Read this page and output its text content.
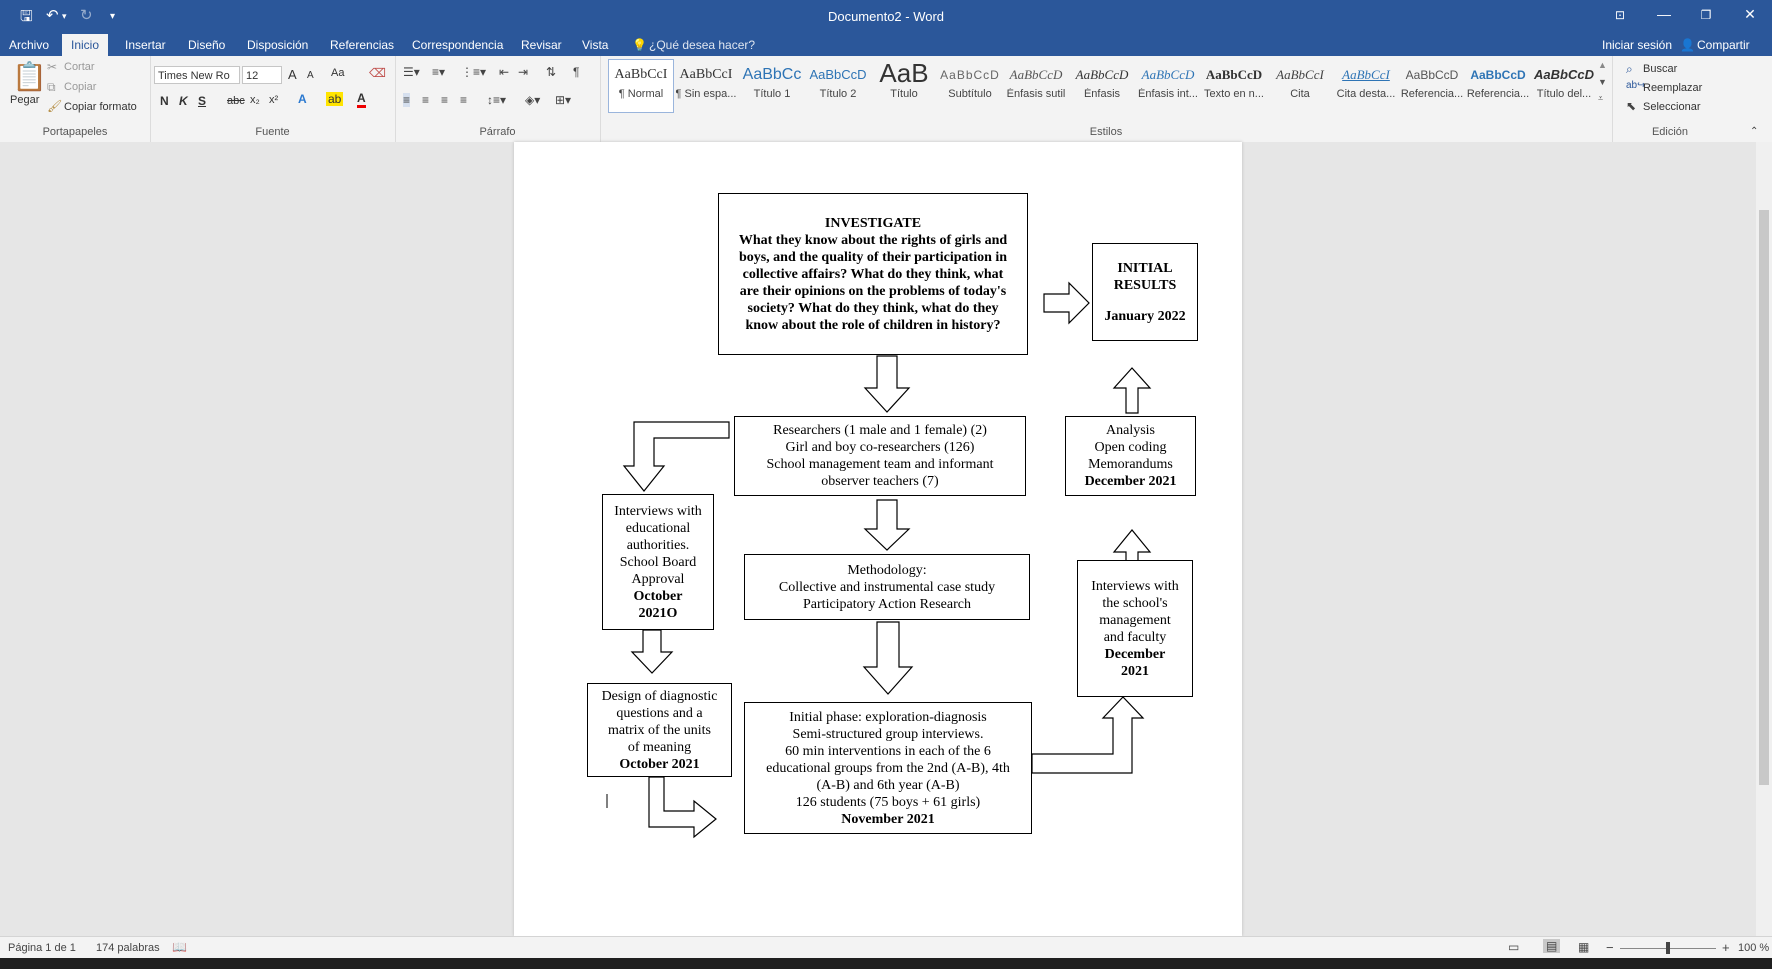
🖫 ↶ ▾ ↻ ▾	Documento2 - Word	⊡	—	❐	✕
Archivo	Inicio	Insertar Diseño Disposición Referencias Correspondencia Revisar Vista 💡 ¿Qué desea hacer?	Iniciar sesión 👤 Compartir
📋
Pegar
✂ Cortar
⧉ Copiar
🖌 Copiar formato
Portapapeles
Times New Ro	12	A A Aa ⌫
N K S abc x₂ x² A ab A
Fuente
☰▾ ≡▾ ⋮≡▾ ⇤ ⇥ ⇅ ¶
≡ ≡ ≡ ≡ ↕≡▾ ◈▾ ⊞▾
Párrafo
AaBbCcI
¶ Normal
AaBbCcI
¶ Sin espa...
AaBbCc
Título 1
AaBbCcD
Título 2
AaB
Título
AaBbCcD
Subtítulo
AaBbCcD
Énfasis sutil
AaBbCcD
Énfasis
AaBbCcD
Énfasis int...
AaBbCcD
Texto en n...
AaBbCcI
Cita
AaBbCcI
Cita desta...
AaBbCcD
Referencia...
AaBbCcD
Referencia...
AaBbCcD
Título del...
▲
▼
⩡
Estilos
⌕ Buscar
ab↪
Reemplazar
⬉ Seleccionar
Edición	⌃
INVESTIGATE
What they know about the rights of girls and
boys, and the quality of their participation in
collective affairs? What do they think, what
are their opinions on the problems of today's
society? What do they think, what do they
know about the role of children in history?
INITIAL
RESULTS
January 2022
Researchers (1 male and 1 female) (2)
Girl and boy co-researchers (126)
School management team and informant
observer teachers (7)
Analysis
Open coding
Memorandums
December 2021
Interviews with
educational
authorities.
School Board
Approval
October
2021O
Methodology:
Collective and instrumental case study
Participatory Action Research
Interviews with
the school's
management
and faculty
December
2021
Design of diagnostic
questions and a
matrix of the units
of meaning
October 2021
Initial phase: exploration-diagnosis
Semi-structured group interviews.
60 min interventions in each of the 6
educational groups from the 2nd (A-B), 4th
(A-B) and 6th year (A-B)
126 students (75 boys + 61 girls)
November 2021
Página 1 de 1 174 palabras 📖	▭ ▤ ▦ −	+ 100 %
